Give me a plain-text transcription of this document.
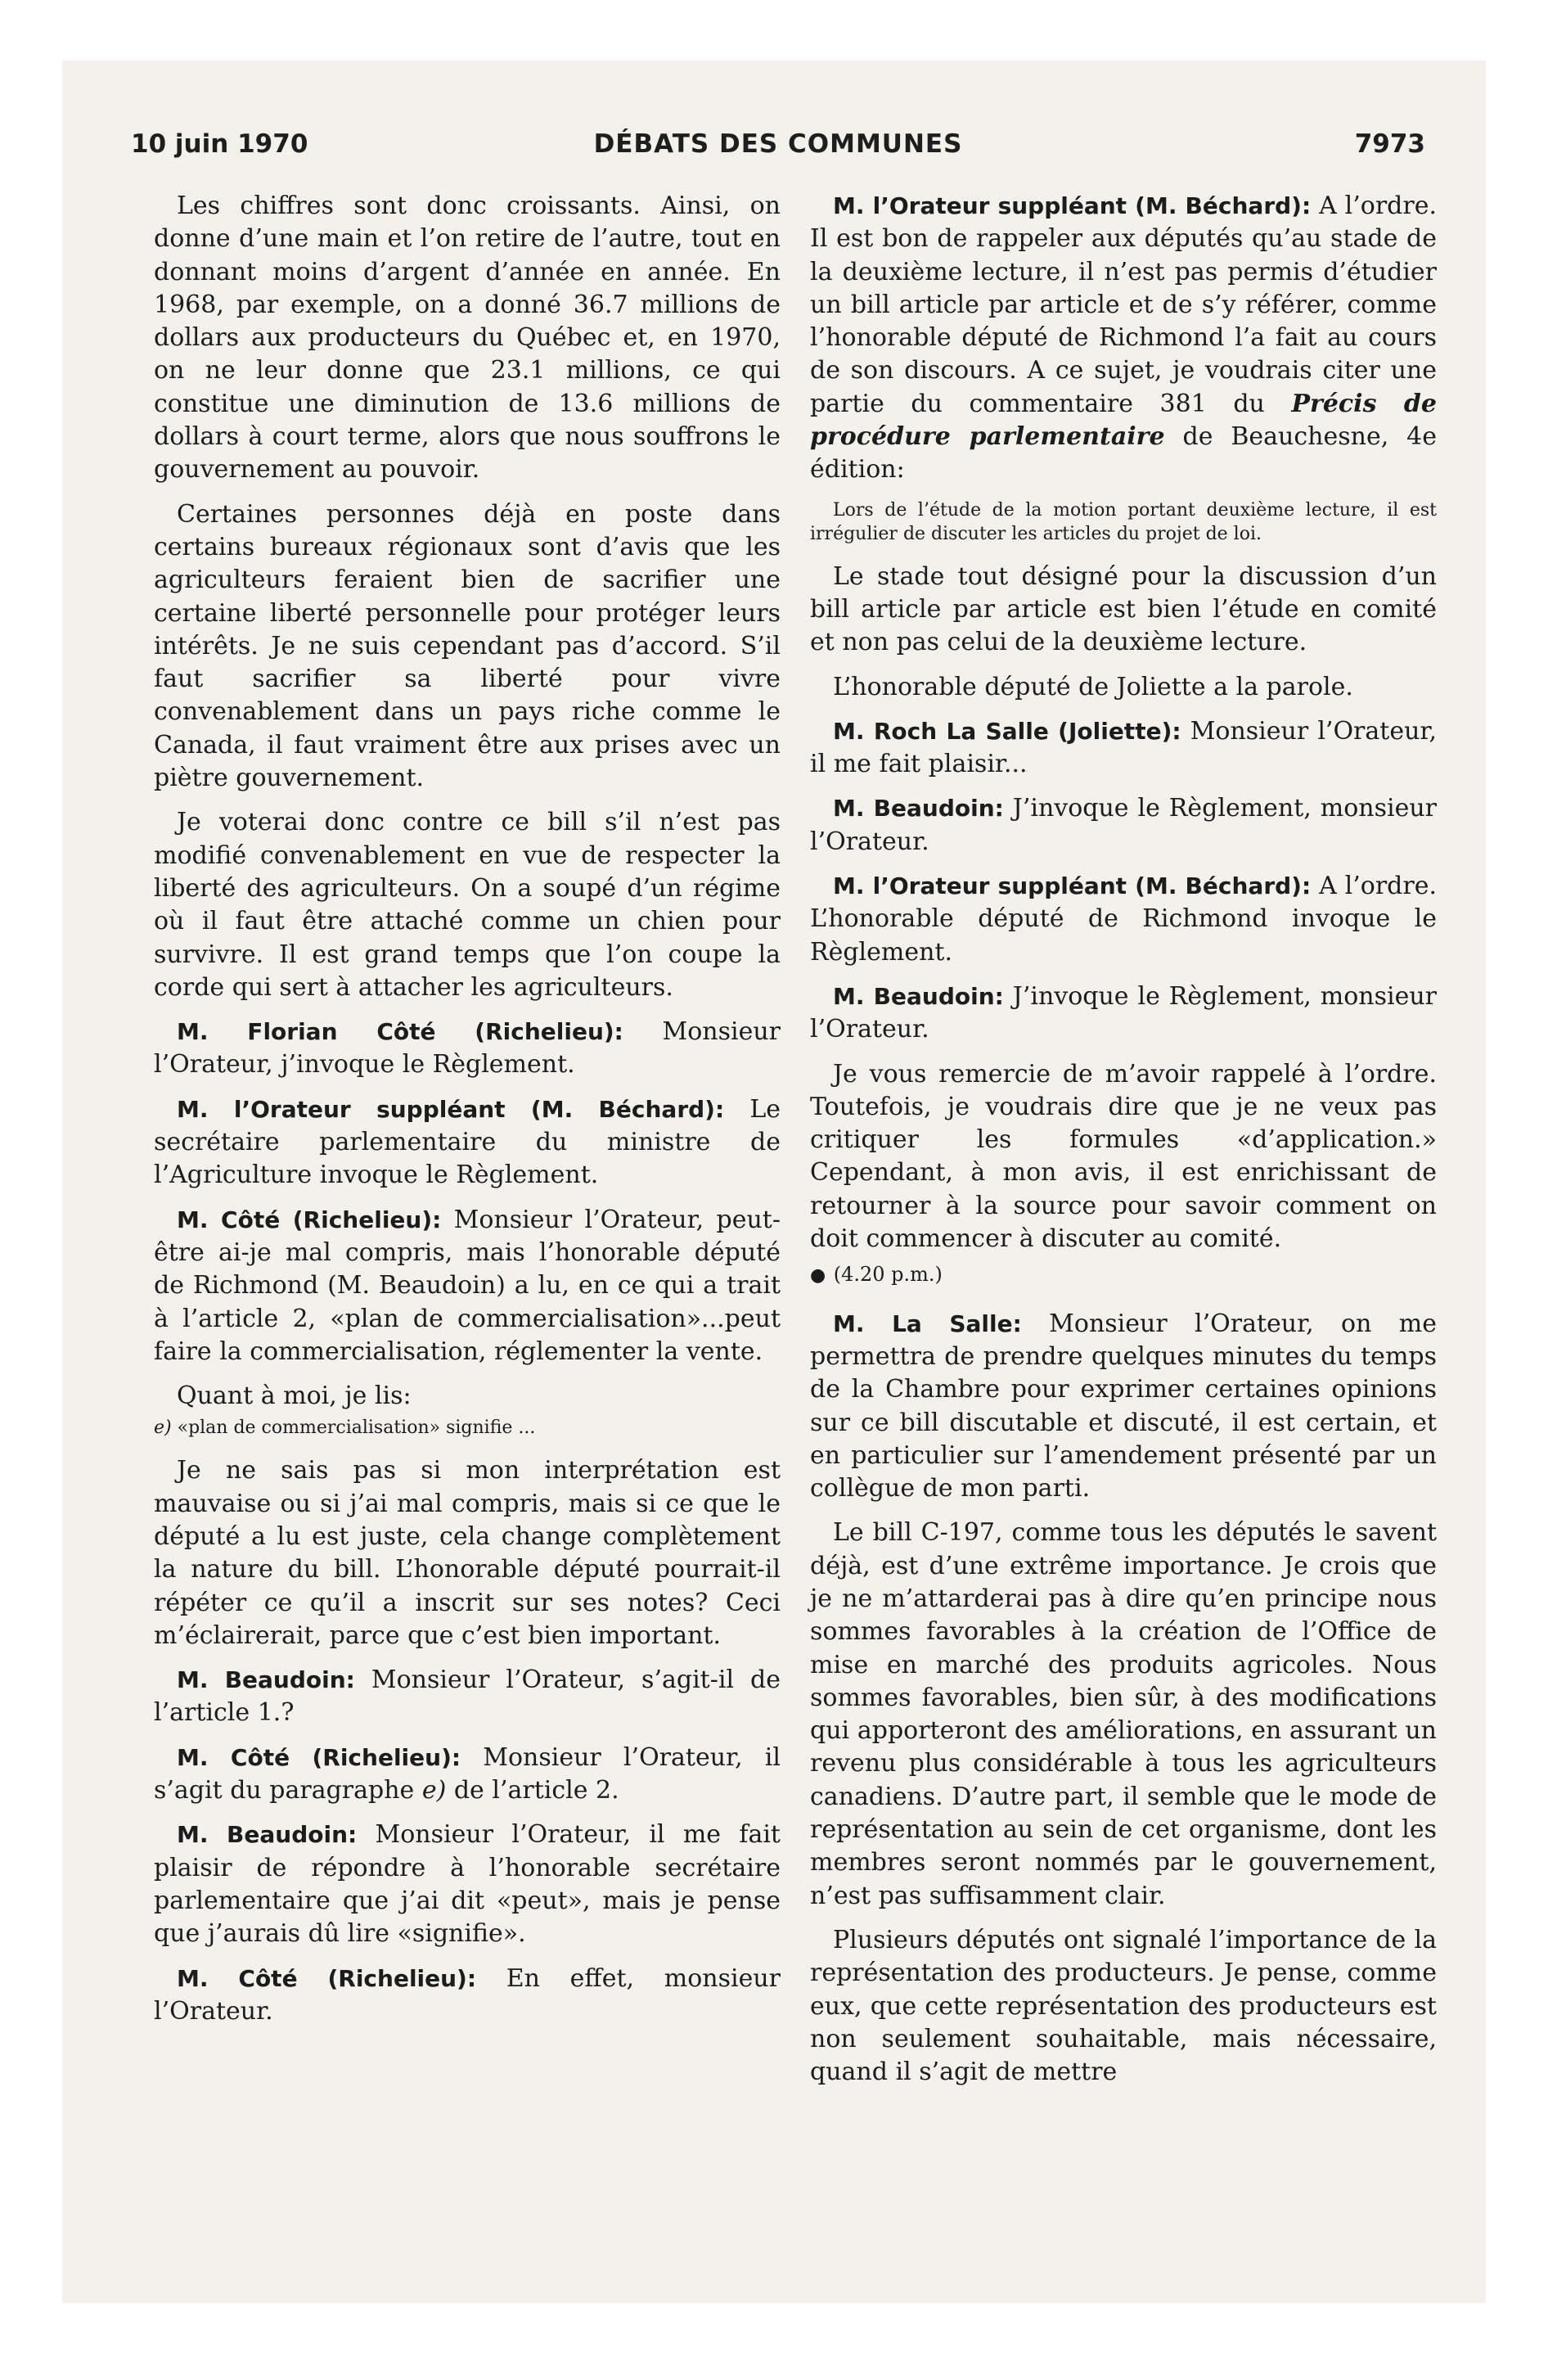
10 juin 1970	DÉBATS DES COMMUNES	7973

Les chiffres sont donc croissants. Ainsi, on donne d’une main et l’on retire de l’autre, tout en donnant moins d’argent d’année en année. En 1968, par exemple, on a donné 36.7 millions de dollars aux producteurs du Québec et, en 1970, on ne leur donne que 23.1 millions, ce qui constitue une diminution de 13.6 millions de dollars à court terme, alors que nous souffrons le gouvernement au pouvoir.

Certaines personnes déjà en poste dans certains bureaux régionaux sont d’avis que les agriculteurs feraient bien de sacrifier une certaine liberté personnelle pour protéger leurs intérêts. Je ne suis cependant pas d’accord. S’il faut sacrifier sa liberté pour vivre convenablement dans un pays riche comme le Canada, il faut vraiment être aux prises avec un piètre gouvernement.

Je voterai donc contre ce bill s’il n’est pas modifié convenablement en vue de respecter la liberté des agriculteurs. On a soupé d’un régime où il faut être attaché comme un chien pour survivre. Il est grand temps que l’on coupe la corde qui sert à attacher les agriculteurs.

M. Florian Côté (Richelieu): Monsieur l’Orateur, j’invoque le Règlement.

M. l’Orateur suppléant (M. Béchard): Le secrétaire parlementaire du ministre de l’Agriculture invoque le Règlement.

M. Côté (Richelieu): Monsieur l’Orateur, peut-être ai-je mal compris, mais l’honorable député de Richmond (M. Beaudoin) a lu, en ce qui a trait à l’article 2, «plan de commercialisation»...peut faire la commercialisation, réglementer la vente.

Quant à moi, je lis:

e) «plan de commercialisation» signifie ...

Je ne sais pas si mon interprétation est mauvaise ou si j’ai mal compris, mais si ce que le député a lu est juste, cela change complètement la nature du bill. L’honorable député pourrait-il répéter ce qu’il a inscrit sur ses notes? Ceci m’éclairerait, parce que c’est bien important.

M. Beaudoin: Monsieur l’Orateur, s’agit-il de l’article 1.?

M. Côté (Richelieu): Monsieur l’Orateur, il s’agit du paragraphe e) de l’article 2.

M. Beaudoin: Monsieur l’Orateur, il me fait plaisir de répondre à l’honorable secrétaire parlementaire que j’ai dit «peut», mais je pense que j’aurais dû lire «signifie».

M. Côté (Richelieu): En effet, monsieur l’Orateur.

M. l’Orateur suppléant (M. Béchard): A l’ordre. Il est bon de rappeler aux députés qu’au stade de la deuxième lecture, il n’est pas permis d’étudier un bill article par article et de s’y référer, comme l’honorable député de Richmond l’a fait au cours de son discours. A ce sujet, je voudrais citer une partie du commentaire 381 du Précis de procédure parlementaire de Beauchesne, 4e édition:

Lors de l’étude de la motion portant deuxième lecture, il est irrégulier de discuter les articles du projet de loi.

Le stade tout désigné pour la discussion d’un bill article par article est bien l’étude en comité et non pas celui de la deuxième lecture.

L’honorable député de Joliette a la parole.

M. Roch La Salle (Joliette): Monsieur l’Orateur, il me fait plaisir...

M. Beaudoin: J’invoque le Règlement, monsieur l’Orateur.

M. l’Orateur suppléant (M. Béchard): A l’ordre. L’honorable député de Richmond invoque le Règlement.

M. Beaudoin: J’invoque le Règlement, monsieur l’Orateur.

Je vous remercie de m’avoir rappelé à l’ordre. Toutefois, je voudrais dire que je ne veux pas critiquer les formules «d’application.» Cependant, à mon avis, il est enrichissant de retourner à la source pour savoir comment on doit commencer à discuter au comité.

● (4.20 p.m.)

M. La Salle: Monsieur l’Orateur, on me permettra de prendre quelques minutes du temps de la Chambre pour exprimer certaines opinions sur ce bill discutable et discuté, il est certain, et en particulier sur l’amendement présenté par un collègue de mon parti.

Le bill C-197, comme tous les députés le savent déjà, est d’une extrême importance. Je crois que je ne m’attarderai pas à dire qu’en principe nous sommes favorables à la création de l’Office de mise en marché des produits agricoles. Nous sommes favorables, bien sûr, à des modifications qui apporteront des améliorations, en assurant un revenu plus considérable à tous les agriculteurs canadiens. D’autre part, il semble que le mode de représentation au sein de cet organisme, dont les membres seront nommés par le gouvernement, n’est pas suffisamment clair.

Plusieurs députés ont signalé l’importance de la représentation des producteurs. Je pense, comme eux, que cette représentation des producteurs est non seulement souhaitable, mais nécessaire, quand il s’agit de mettre
